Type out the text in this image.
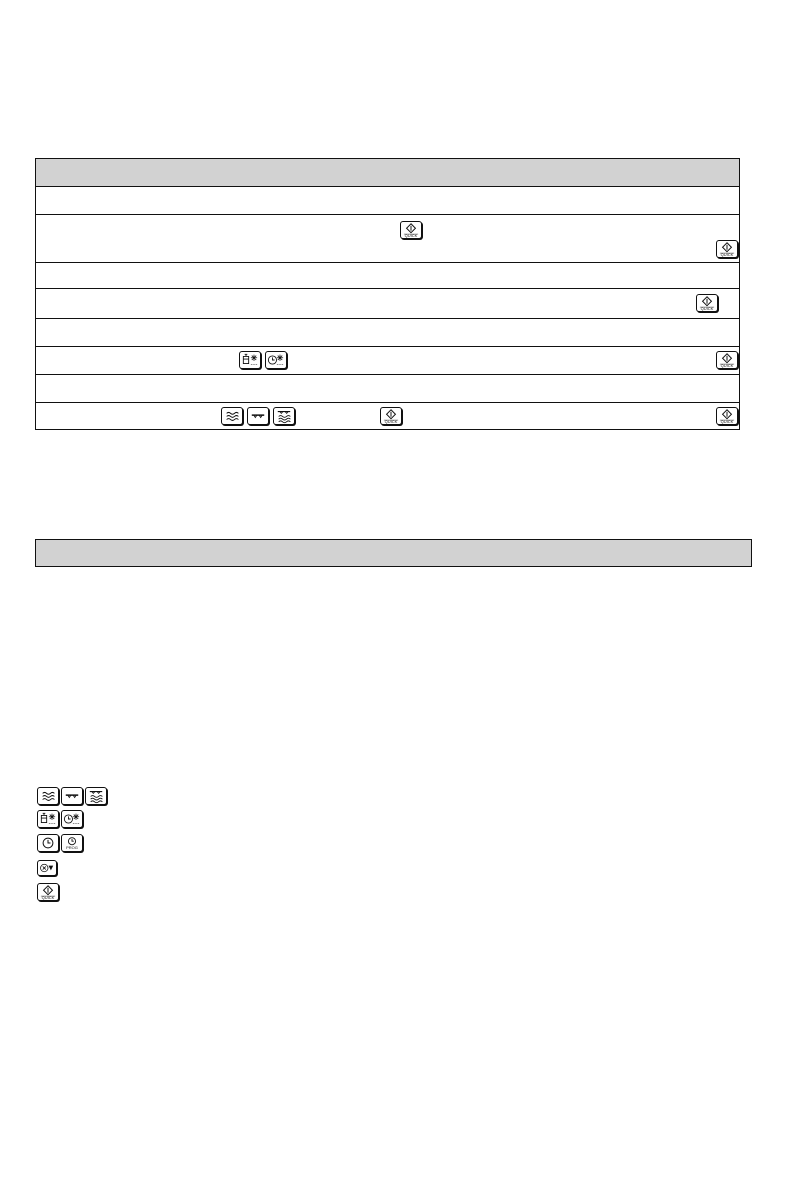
QUICK
QUICK
QUICK
QUICK
QUICK	QUICK
PROG
QUICK
